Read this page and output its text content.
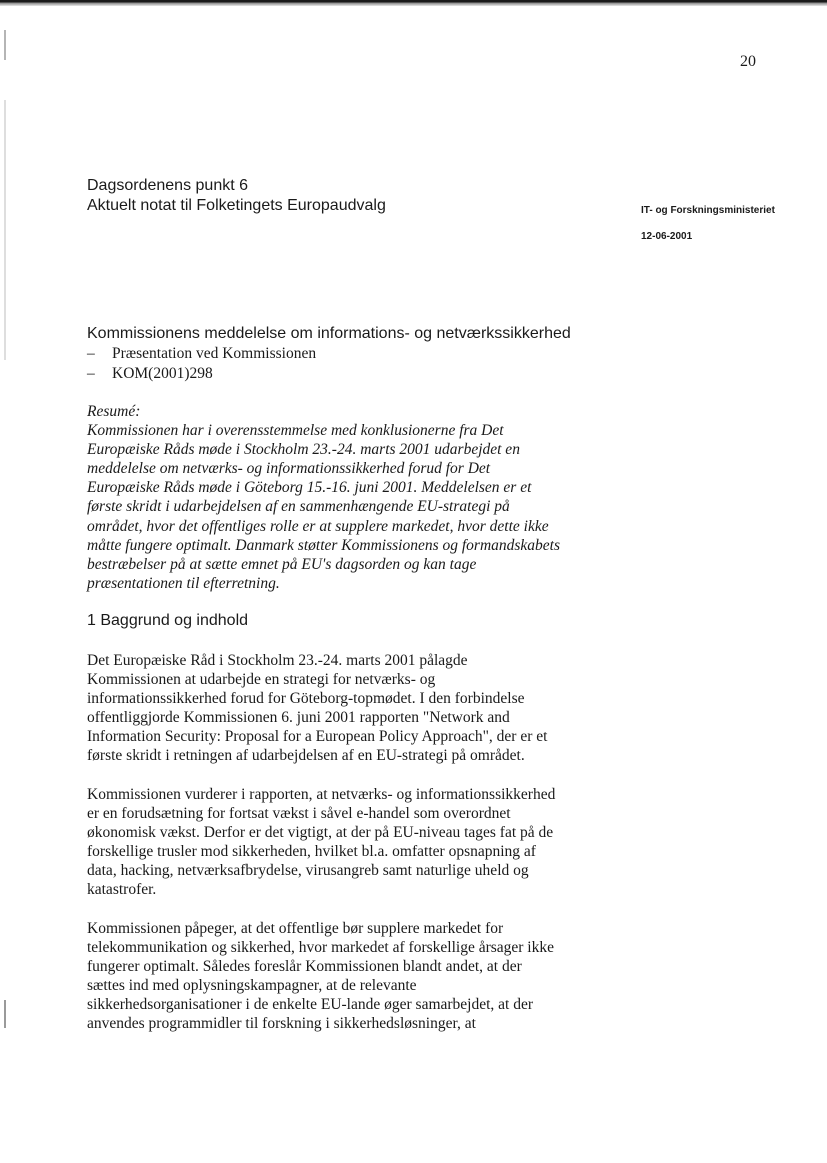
20
Dagsordenens punkt 6
Aktuelt notat til Folketingets Europaudvalg	IT- og Forskningsministeriet
12-06-2001
Kommissionens meddelelse om informations- og netværkssikkerhed
–	Præsentation ved Kommissionen
–	KOM(2001)298
Resumé:
Kommissionen har i overensstemmelse med konklusionerne fra Det
Europæiske Råds møde i Stockholm 23.-24. marts 2001 udarbejdet en
meddelelse om netværks- og informationssikkerhed forud for Det
Europæiske Råds møde i Göteborg 15.-16. juni 2001. Meddelelsen er et
første skridt i udarbejdelsen af en sammenhængende EU-strategi på
området, hvor det offentliges rolle er at supplere markedet, hvor dette ikke
måtte fungere optimalt. Danmark støtter Kommissionens og formandskabets
bestræbelser på at sætte emnet på EU's dagsorden og kan tage
præsentationen til efterretning.
1 Baggrund og indhold
Det Europæiske Råd i Stockholm 23.-24. marts 2001 pålagde
Kommissionen at udarbejde en strategi for netværks- og
informationssikkerhed forud for Göteborg-topmødet. I den forbindelse
offentliggjorde Kommissionen 6. juni 2001 rapporten "Network and
Information Security: Proposal for a European Policy Approach", der er et
første skridt i retningen af udarbejdelsen af en EU-strategi på området.
Kommissionen vurderer i rapporten, at netværks- og informationssikkerhed
er en forudsætning for fortsat vækst i såvel e-handel som overordnet
økonomisk vækst. Derfor er det vigtigt, at der på EU-niveau tages fat på de
forskellige trusler mod sikkerheden, hvilket bl.a. omfatter opsnapning af
data, hacking, netværksafbrydelse, virusangreb samt naturlige uheld og
katastrofer.
Kommissionen påpeger, at det offentlige bør supplere markedet for
telekommunikation og sikkerhed, hvor markedet af forskellige årsager ikke
fungerer optimalt. Således foreslår Kommissionen blandt andet, at der
sættes ind med oplysningskampagner, at de relevante
sikkerhedsorganisationer i de enkelte EU-lande øger samarbejdet, at der
anvendes programmidler til forskning i sikkerhedsløsninger, at
